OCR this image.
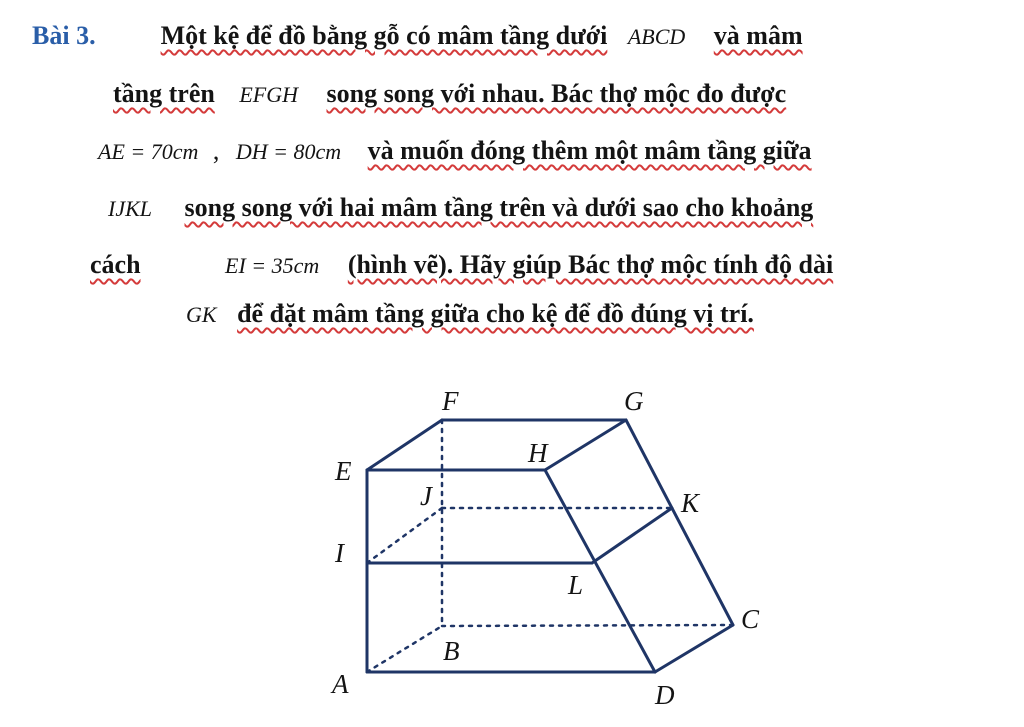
Bài 3.	Một kệ để đồ bằng gỗ có mâm tầng dưới ABCD và mâm
tầng trên EFGH song song với nhau. Bác thợ mộc đo được
AE = 70cm , DH = 80cm và muốn đóng thêm một mâm tầng giữa
IJKL song song với hai mâm tầng trên và dưới sao cho khoảng
cách	EI = 35cm (hình vẽ). Hãy giúp Bác thợ mộc tính độ dài
GK để đặt mâm tầng giữa cho kệ để đồ đúng vị trí.
F	G
E
H
J	K
I
L
C
B
A	D
